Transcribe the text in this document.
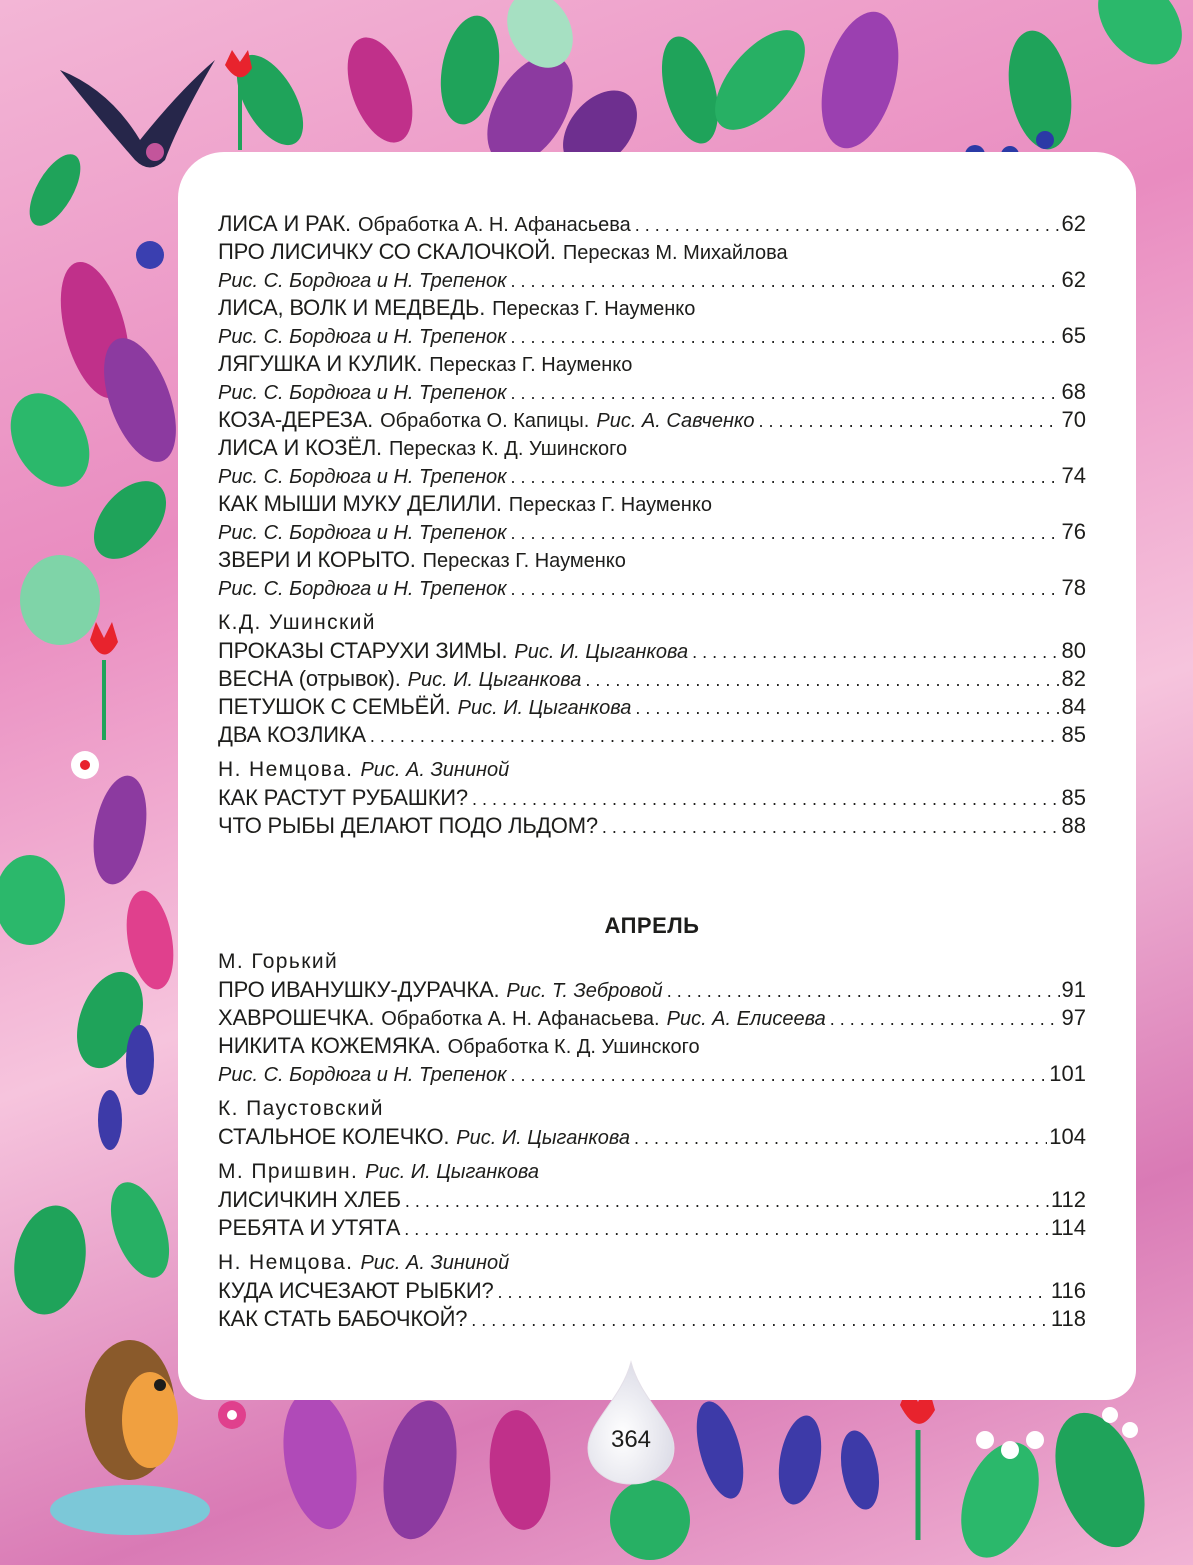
ЛИСА И РАК. Обработка А. Н. Афанасьева . . .	62
ПРО ЛИСИЧКУ СО СКАЛОЧКОЙ. Пересказ М. Михайлова
Рис. С. Бордюга и Н. Трепенок . . .	62
ЛИСА, ВОЛК И МЕДВЕДЬ. Пересказ Г. Науменко
Рис. С. Бордюга и Н. Трепенок . . .	65
ЛЯГУШКА И КУЛИК. Пересказ Г. Науменко
Рис. С. Бордюга и Н. Трепенок . . .	68
КОЗА-ДЕРЕЗА. Обработка О. Капицы. Рис. А. Савченко . . .	70
ЛИСА И КОЗЁЛ. Пересказ К. Д. Ушинского
Рис. С. Бордюга и Н. Трепенок . . .	74
КАК МЫШИ МУКУ ДЕЛИЛИ. Пересказ Г. Науменко
Рис. С. Бордюга и Н. Трепенок . . .	76
ЗВЕРИ И КОРЫТО. Пересказ Г. Науменко
Рис. С. Бордюга и Н. Трепенок . . .	78
К.Д. Ушинский
ПРОКАЗЫ СТАРУХИ ЗИМЫ. Рис. И. Цыганкова . . .	80
ВЕСНА (отрывок). Рис. И. Цыганкова . . .	82
ПЕТУШОК С СЕМЬЁЙ. Рис. И. Цыганкова . . .	84
ДВА КОЗЛИКА . . .	85
Н. Немцова. Рис. А. Зининой
КАК РАСТУТ РУБАШКИ? . . .	85
ЧТО РЫБЫ ДЕЛАЮТ ПОДО ЛЬДОМ? . . .	88
АПРЕЛЬ
М. Горький
ПРО ИВАНУШКУ-ДУРАЧКА. Рис. Т. Зебровой . . .	91
ХАВРОШЕЧКА. Обработка А. Н. Афанасьева. Рис. А. Елисеева . . .	97
НИКИТА КОЖЕМЯКА. Обработка К. Д. Ушинского
Рис. С. Бордюга и Н. Трепенок . . .	101
К. Паустовский
СТАЛЬНОЕ КОЛЕЧКО. Рис. И. Цыганкова . . .	104
М. Пришвин. Рис. И. Цыганкова
ЛИСИЧКИН ХЛЕБ . . .	112
РЕБЯТА И УТЯТА . . .	114
Н. Немцова. Рис. А. Зининой
КУДА ИСЧЕЗАЮТ РЫБКИ? . . .	116
КАК СТАТЬ БАБОЧКОЙ? . . .	118
364
